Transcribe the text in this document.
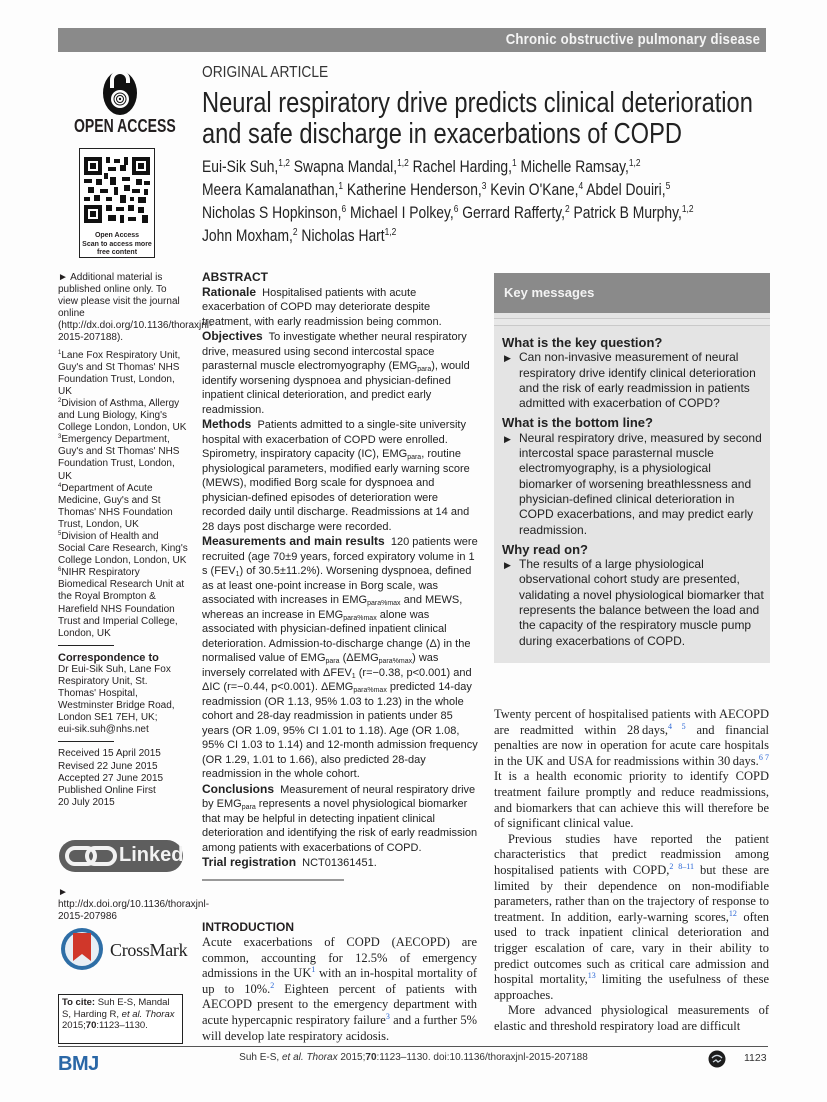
Chronic obstructive pulmonary disease
OPEN ACCESS
Open Access
Scan to access more
free content

► Additional material is published online only. To view please visit the journal online (http://dx.doi.org/10.1136/thoraxjnl-2015-207188).

$^1$Lane Fox Respiratory Unit, Guy's and St Thomas' NHS Foundation Trust, London, UK
$^2$Division of Asthma, Allergy and Lung Biology, King's College London, London, UK
$^3$Emergency Department, Guy's and St Thomas' NHS Foundation Trust, London, UK
$^4$Department of Acute Medicine, Guy's and St Thomas' NHS Foundation Trust, London, UK
$^5$Division of Health and Social Care Research, King's College London, London, UK
$^6$NIHR Respiratory Biomedical Research Unit at the Royal Brompton & Harefield NHS Foundation Trust and Imperial College, London, UK
Correspondence to
Dr Eui-Sik Suh, Lane Fox Respiratory Unit, St. Thomas' Hospital, Westminster Bridge Road, London SE1 7EH, UK;
eui-sik.suh@nhs.net
Received 15 April 2015
Revised 22 June 2015
Accepted 27 June 2015
Published Online First
20 July 2015
Linked
► http://dx.doi.org/10.1136/thoraxjnl-2015-207986
CrossMark
To cite: Suh E-S, Mandal S, Harding R, et al. Thorax 2015;70:1123–1130.
ORIGINAL ARTICLE
Neural respiratory drive predicts clinical deterioration
and safe discharge in exacerbations of COPD
Eui-Sik Suh,$^{1,2}$ Swapna Mandal,$^{1,2}$ Rachel Harding,$^1$ Michelle Ramsay,$^{1,2}$
Meera Kamalanathan,$^1$ Katherine Henderson,$^3$ Kevin O'Kane,$^4$ Abdel Douiri,$^5$
Nicholas S Hopkinson,$^6$ Michael I Polkey,$^6$ Gerrard Rafferty,$^2$ Patrick B Murphy,$^{1,2}$
John Moxham,$^2$ Nicholas Hart$^{1,2}$
ABSTRACT
Rationale Hospitalised patients with acute exacerbation of COPD may deteriorate despite treatment, with early readmission being common.
Objectives To investigate whether neural respiratory drive, measured using second intercostal space parasternal muscle electromyography $(EMG_{para})$, would identify worsening dyspnoea and physician-defined inpatient clinical deterioration, and predict early readmission.
Methods Patients admitted to a single-site university hospital with exacerbation of COPD were enrolled. Spirometry, inspiratory capacity (IC), $EMG_{para}$, routine physiological parameters, modified early warning score (MEWS), modified Borg scale for dyspnoea and physician-defined episodes of deterioration were recorded daily until discharge. Readmissions at 14 and 28 days post discharge were recorded.
Measurements and main results 120 patients were recruited (age 70±9 years, forced expiratory volume in 1 s $(FEV_1)$ of 30.5±11.2%). Worsening dyspnoea, defined as at least one-point increase in Borg scale, was associated with increases in $EMG_{para\%max}$ and MEWS, whereas an increase in $EMG_{para\%max}$ alone was associated with physician-defined inpatient clinical deterioration. Admission-to-discharge change (Δ) in the normalised value of $EMG_{para}$ $(\Delta EMG_{para\%max})$ was inversely correlated with $\Delta FEV_1$ (r=−0.38, p<0.001) and ΔIC (r=−0.44, p<0.001). $\Delta EMG_{para\%max}$ predicted 14-day readmission (OR 1.13, 95% 1.03 to 1.23) in the whole cohort and 28-day readmission in patients under 85 years (OR 1.09, 95% CI 1.01 to 1.18). Age (OR 1.08, 95% CI 1.03 to 1.14) and 12-month admission frequency (OR 1.29, 1.01 to 1.66), also predicted 28-day readmission in the whole cohort.
Conclusions Measurement of neural respiratory drive by $EMG_{para}$ represents a novel physiological biomarker that may be helpful in detecting inpatient clinical deterioration and identifying the risk of early readmission among patients with exacerbations of COPD.
Trial registration NCT01361451.
INTRODUCTION

Acute exacerbations of COPD (AECOPD) are common, accounting for 12.5% of emergency admissions in the $UK^1$ with an in-hospital mortality of up to 10%.$^2$ Eighteen percent of patients with AECOPD present to the emergency department with acute hypercapnic respiratory failure$^3$ and a further 5% will develop late respiratory acidosis.

Key messages
What is the key question?
▶ Can non-invasive measurement of neural respiratory drive identify clinical deterioration and the risk of early readmission in patients admitted with exacerbation of COPD?
What is the bottom line?
▶ Neural respiratory drive, measured by second intercostal space parasternal muscle electromyography, is a physiological biomarker of worsening breathlessness and physician-defined clinical deterioration in COPD exacerbations, and may predict early readmission.
Why read on?
▶ The results of a large physiological observational cohort study are presented, validating a novel physiological biomarker that represents the balance between the load and the capacity of the respiratory muscle pump during exacerbations of COPD.

Twenty percent of hospitalised patients with AECOPD are readmitted within 28 days,$^{4 5}$ and financial penalties are now in operation for acute care hospitals in the UK and USA for readmissions within 30 days.$^{6 7}$ It is a health economic priority to identify COPD treatment failure promptly and reduce readmissions, and biomarkers that can achieve this will therefore be of significant clinical value.

Previous studies have reported the patient characteristics that predict readmission among hospitalised patients with COPD,$^{2 8-11}$ but these are limited by their dependence on non-modifiable parameters, rather than on the trajectory of response to treatment. In addition, early-warning scores,$^{12}$ often used to track inpatient clinical deterioration and trigger escalation of care, vary in their ability to predict outcomes such as critical care admission and hospital mortality,$^{13}$ limiting the usefulness of these approaches.

More advanced physiological measurements of elastic and threshold respiratory load are difficult

BMJ	Suh E-S, et al. Thorax 2015;70:1123–1130. doi:10.1136/thoraxjnl-2015-207188	1123
